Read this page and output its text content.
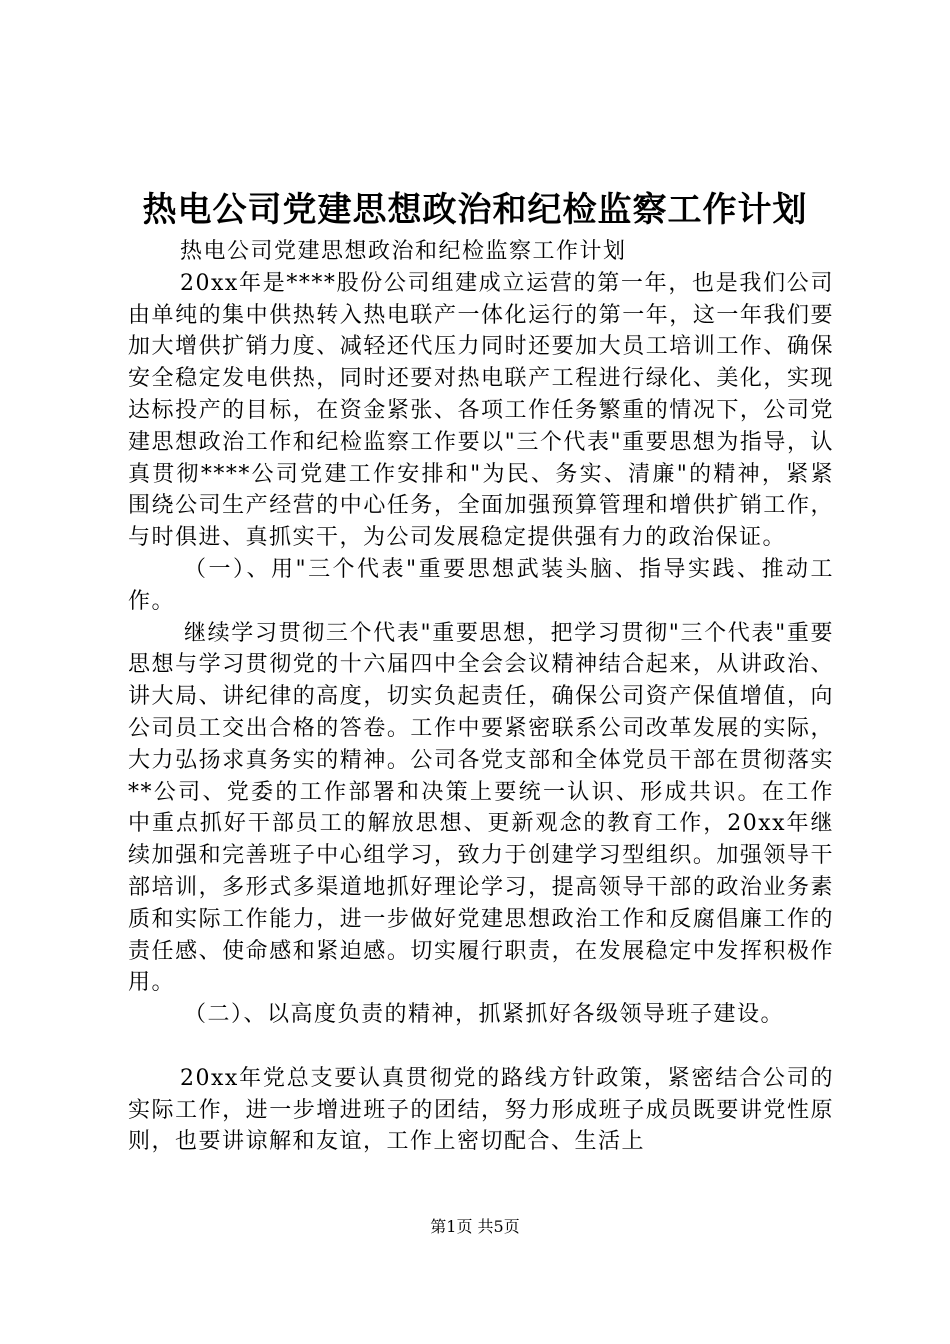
热电公司党建思想政治和纪检监察工作计划

热电公司党建思想政治和纪检监察工作计划

20xx年是****股份公司组建成立运营的第一年，也是我们公司由单纯的集中供热转入热电联产一体化运行的第一年，这一年我们要加大增供扩销力度、减轻还代压力同时还要加大员工培训工作、确保安全稳定发电供热，同时还要对热电联产工程进行绿化、美化，实现达标投产的目标，在资金紧张、各项工作任务繁重的情况下，公司党建思想政治工作和纪检监察工作要以"三个代表"重要思想为指导，认真贯彻****公司党建工作安排和"为民、务实、清廉"的精神，紧紧围绕公司生产经营的中心任务，全面加强预算管理和增供扩销工作，与时俱进、真抓实干，为公司发展稳定提供强有力的政治保证。

（一）、用"三个代表"重要思想武装头脑、指导实践、推动工作。

继续学习贯彻三个代表"重要思想，把学习贯彻"三个代表"重要思想与学习贯彻党的十六届四中全会会议精神结合起来，从讲政治、讲大局、讲纪律的高度，切实负起责任，确保公司资产保值增值，向公司员工交出合格的答卷。工作中要紧密联系公司改革发展的实际，大力弘扬求真务实的精神。公司各党支部和全体党员干部在贯彻落实**公司、党委的工作部署和决策上要统一认识、形成共识。在工作中重点抓好干部员工的解放思想、更新观念的教育工作，20xx年继续加强和完善班子中心组学习，致力于创建学习型组织。加强领导干部培训，多形式多渠道地抓好理论学习，提高领导干部的政治业务素质和实际工作能力，进一步做好党建思想政治工作和反腐倡廉工作的责任感、使命感和紧迫感。切实履行职责，在发展稳定中发挥积极作用。

（二）、以高度负责的精神，抓紧抓好各级领导班子建设。

20xx年党总支要认真贯彻党的路线方针政策，紧密结合公司的实际工作，进一步增进班子的团结，努力形成班子成员既要讲党性原则，也要讲谅解和友谊，工作上密切配合、生活上

第1页 共5页
